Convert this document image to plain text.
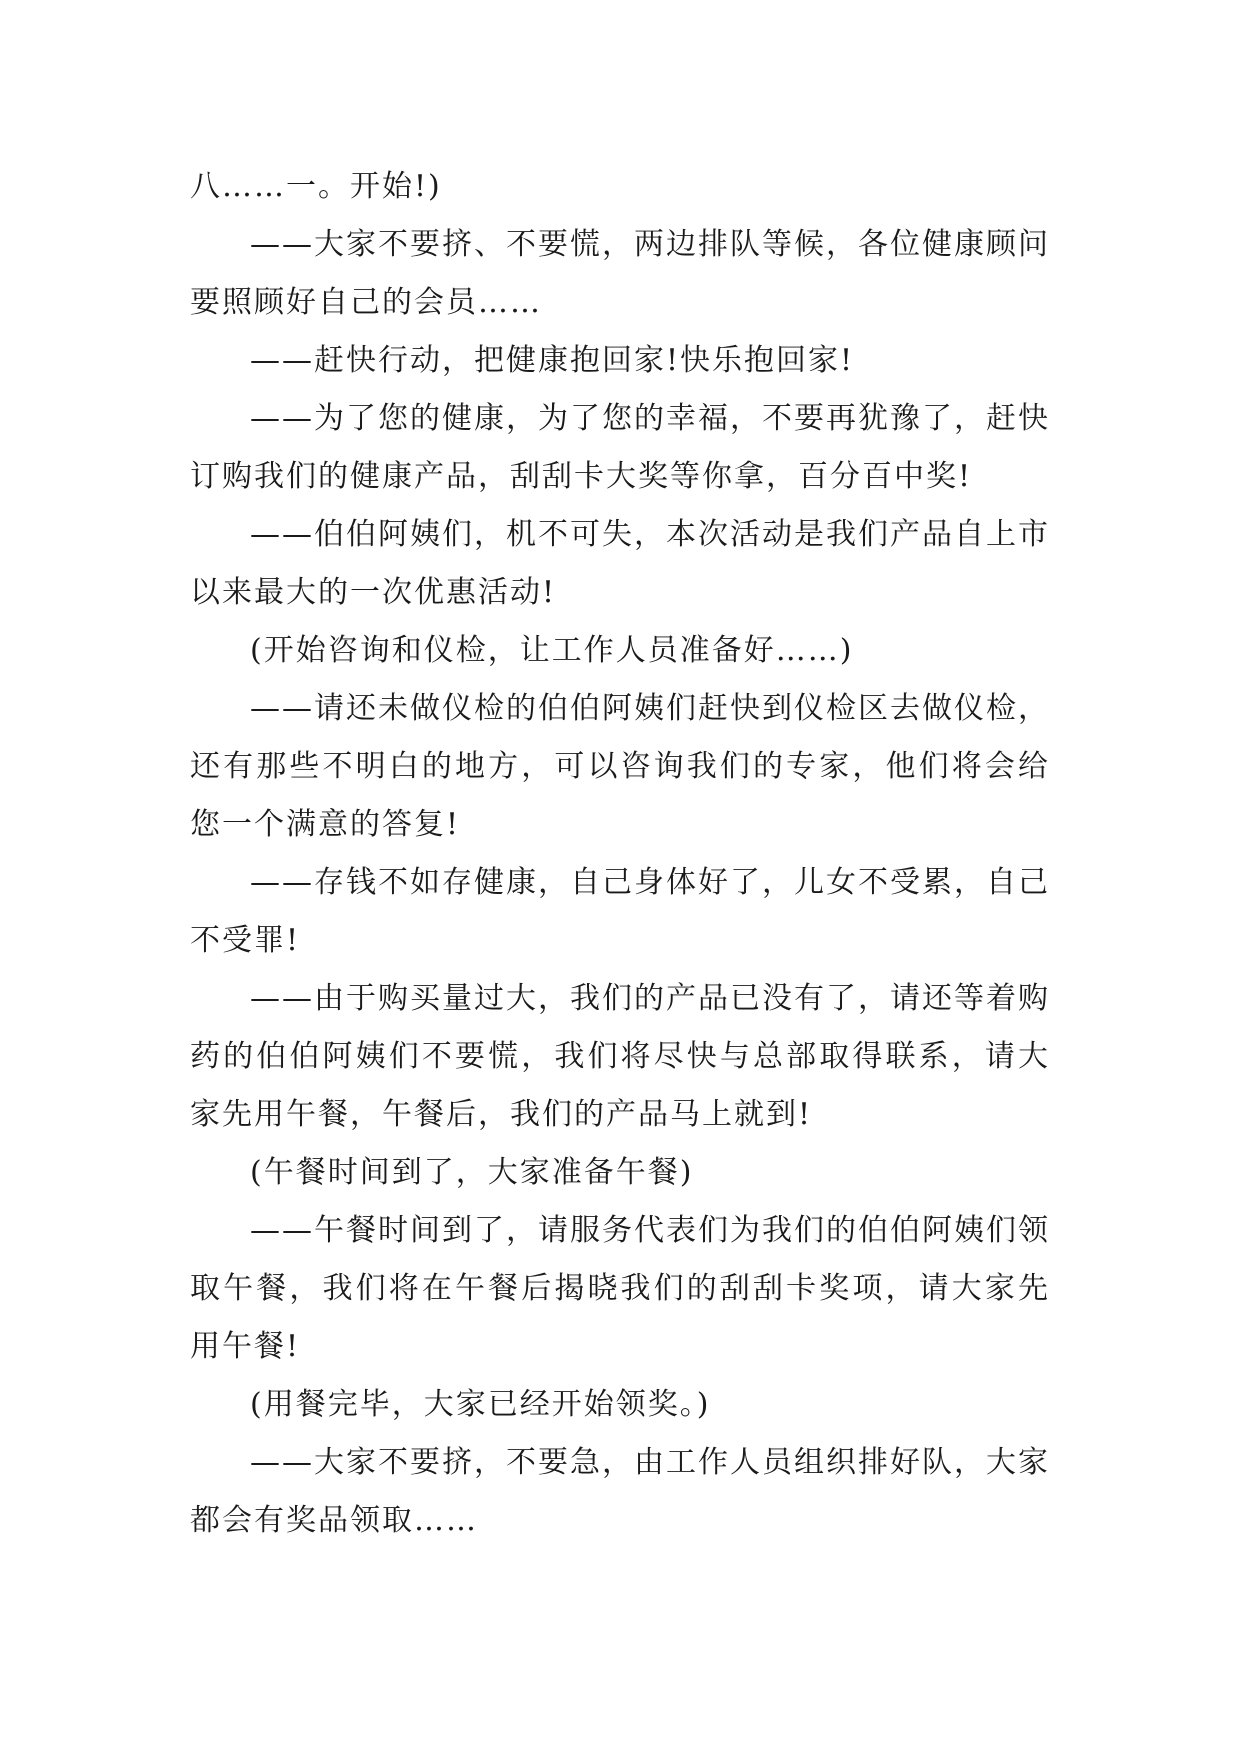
八……一。开始!)

——大家不要挤、不要慌，两边排队等候，各位健康顾问要照顾好自己的会员……

——赶快行动，把健康抱回家!快乐抱回家!

——为了您的健康，为了您的幸福，不要再犹豫了，赶快订购我们的健康产品，刮刮卡大奖等你拿，百分百中奖!

——伯伯阿姨们，机不可失，本次活动是我们产品自上市以来最大的一次优惠活动!

(开始咨询和仪检，让工作人员准备好……)

——请还未做仪检的伯伯阿姨们赶快到仪检区去做仪检，还有那些不明白的地方，可以咨询我们的专家，他们将会给您一个满意的答复!

——存钱不如存健康，自己身体好了，儿女不受累，自己不受罪!

——由于购买量过大，我们的产品已没有了，请还等着购药的伯伯阿姨们不要慌，我们将尽快与总部取得联系，请大家先用午餐，午餐后，我们的产品马上就到!

(午餐时间到了，大家准备午餐)

——午餐时间到了，请服务代表们为我们的伯伯阿姨们领取午餐，我们将在午餐后揭晓我们的刮刮卡奖项，请大家先用午餐!

(用餐完毕，大家已经开始领奖。)

——大家不要挤，不要急，由工作人员组织排好队，大家都会有奖品领取……
